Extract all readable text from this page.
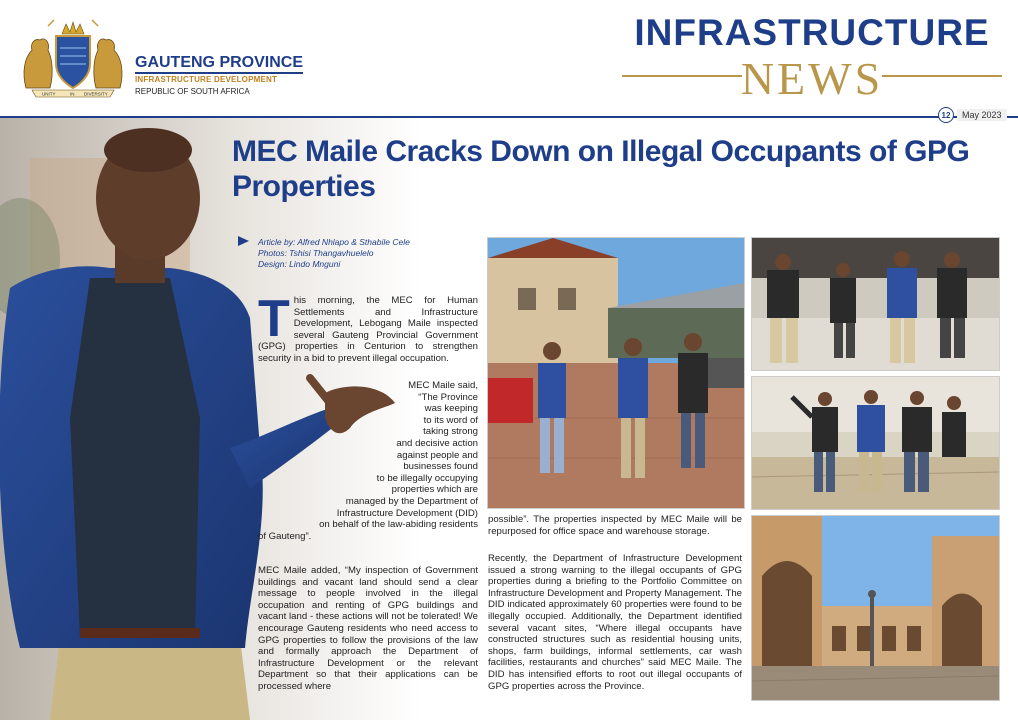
UNITY	IN DIVERSITY
GAUTENG PROVINCE
INFRASTRUCTURE DEVELOPMENT
REPUBLIC OF SOUTH AFRICA
INFRASTRUCTURE
NEWS
12	May 2023
MEC Maile Cracks Down on Illegal Occupants of GPG Properties
Article by: Alfred Nhlapo & Sthabile Cele
Photos: Tshisi Thangavhuelelo
Design: Lindo Mnguni
T his morning, the MEC for Human Settlements and Infrastructure Development, Lebogang Maile inspected several Gauteng Provincial Government (GPG) properties in Centurion to strengthen security in a bid to prevent illegal occupation.
MEC Maile said,
“The Province
was keeping
to its word of
taking strong
and decisive action
against people and
businesses found
to be illegally occupying
properties which are
managed by the Department of
Infrastructure Development (DID)
on behalf of the law-abiding residents
of Gauteng”.
MEC Maile added, “My inspection of Government buildings and vacant land should send a clear message to people involved in the illegal occupation and renting of GPG buildings and vacant land - these actions will not be tolerated! We encourage Gauteng residents who need access to GPG properties to follow the provisions of the law and formally approach the Department of Infrastructure Development or the relevant Department so that their applications can be processed where
possible”. The properties inspected by MEC Maile will be repurposed for office space and warehouse storage.
Recently, the Department of Infrastructure Development issued a strong warning to the illegal occupants of GPG properties during a briefing to the Portfolio Committee on Infrastructure Development and Property Management. The DID indicated approximately 60 properties were found to be illegally occupied. Additionally, the Department identified several vacant sites, “Where illegal occupants have constructed structures such as residential housing units, shops, farm buildings, informal settlements, car wash facilities, restaurants and churches” said MEC Maile. The DID has intensified efforts to root out illegal occupants of GPG properties across the Province.
